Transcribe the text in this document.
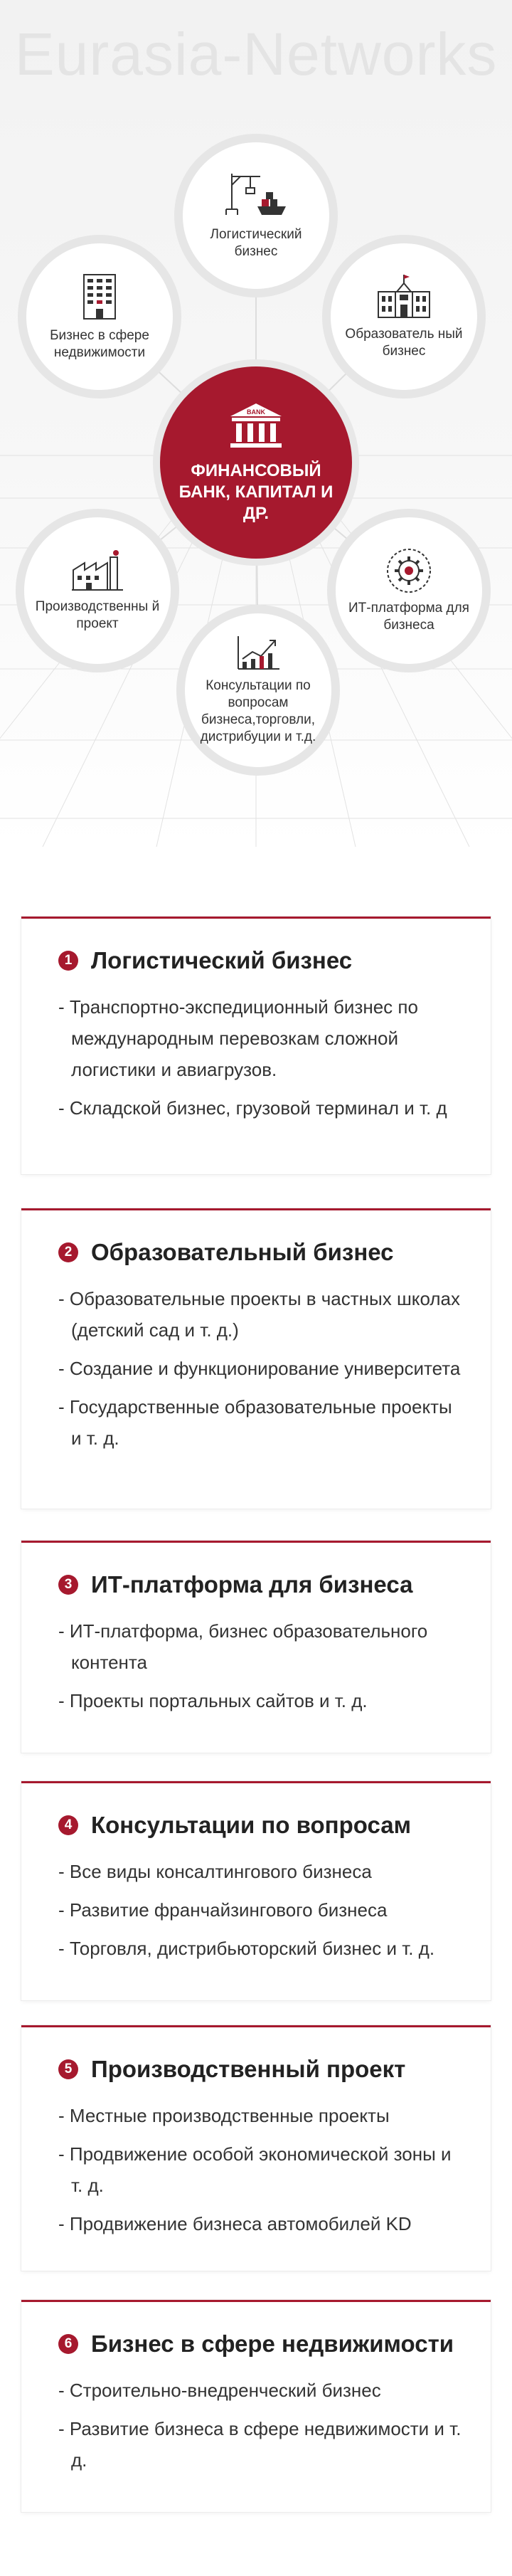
Eurasia-Networks
Логистический бизнес
Бизнес в сфере недвижимости
Образователь ный бизнес
BANK
ФИНАНСОВЫЙ БАНК, КАПИТАЛ И ДР.
Производственны й проект
ИТ-платформа для бизнеса
Консультации по вопросам бизнеса,торговли, дистрибуции и т.д.
1 Логистический бизнес
- Транспортно-экспедиционный бизнес по международным перевозкам сложной логистики и авиагрузов.
- Складской бизнес, грузовой терминал и т. д
2 Образовательный бизнес
- Образовательные проекты в частных школах (детский сад и т. д.)
- Создание и функционирование университета
- Государственные образовательные проекты и т. д.
3 ИТ-платформа для бизнеса
- ИТ-платформа, бизнес образовательного контента
- Проекты портальных сайтов и т. д.
4 Консультации по вопросам
- Все виды консалтингового бизнеса
- Развитие франчайзингового бизнеса
- Торговля, дистрибьюторский бизнес и т. д.
5 Производственный проект
- Местные производственные проекты
- Продвижение особой экономической зоны и т. д.
- Продвижение бизнеса автомобилей KD
6 Бизнес в сфере недвижимости
- Строительно-внедренческий бизнес
- Развитие бизнеса в сфере недвижимости и т. д.
